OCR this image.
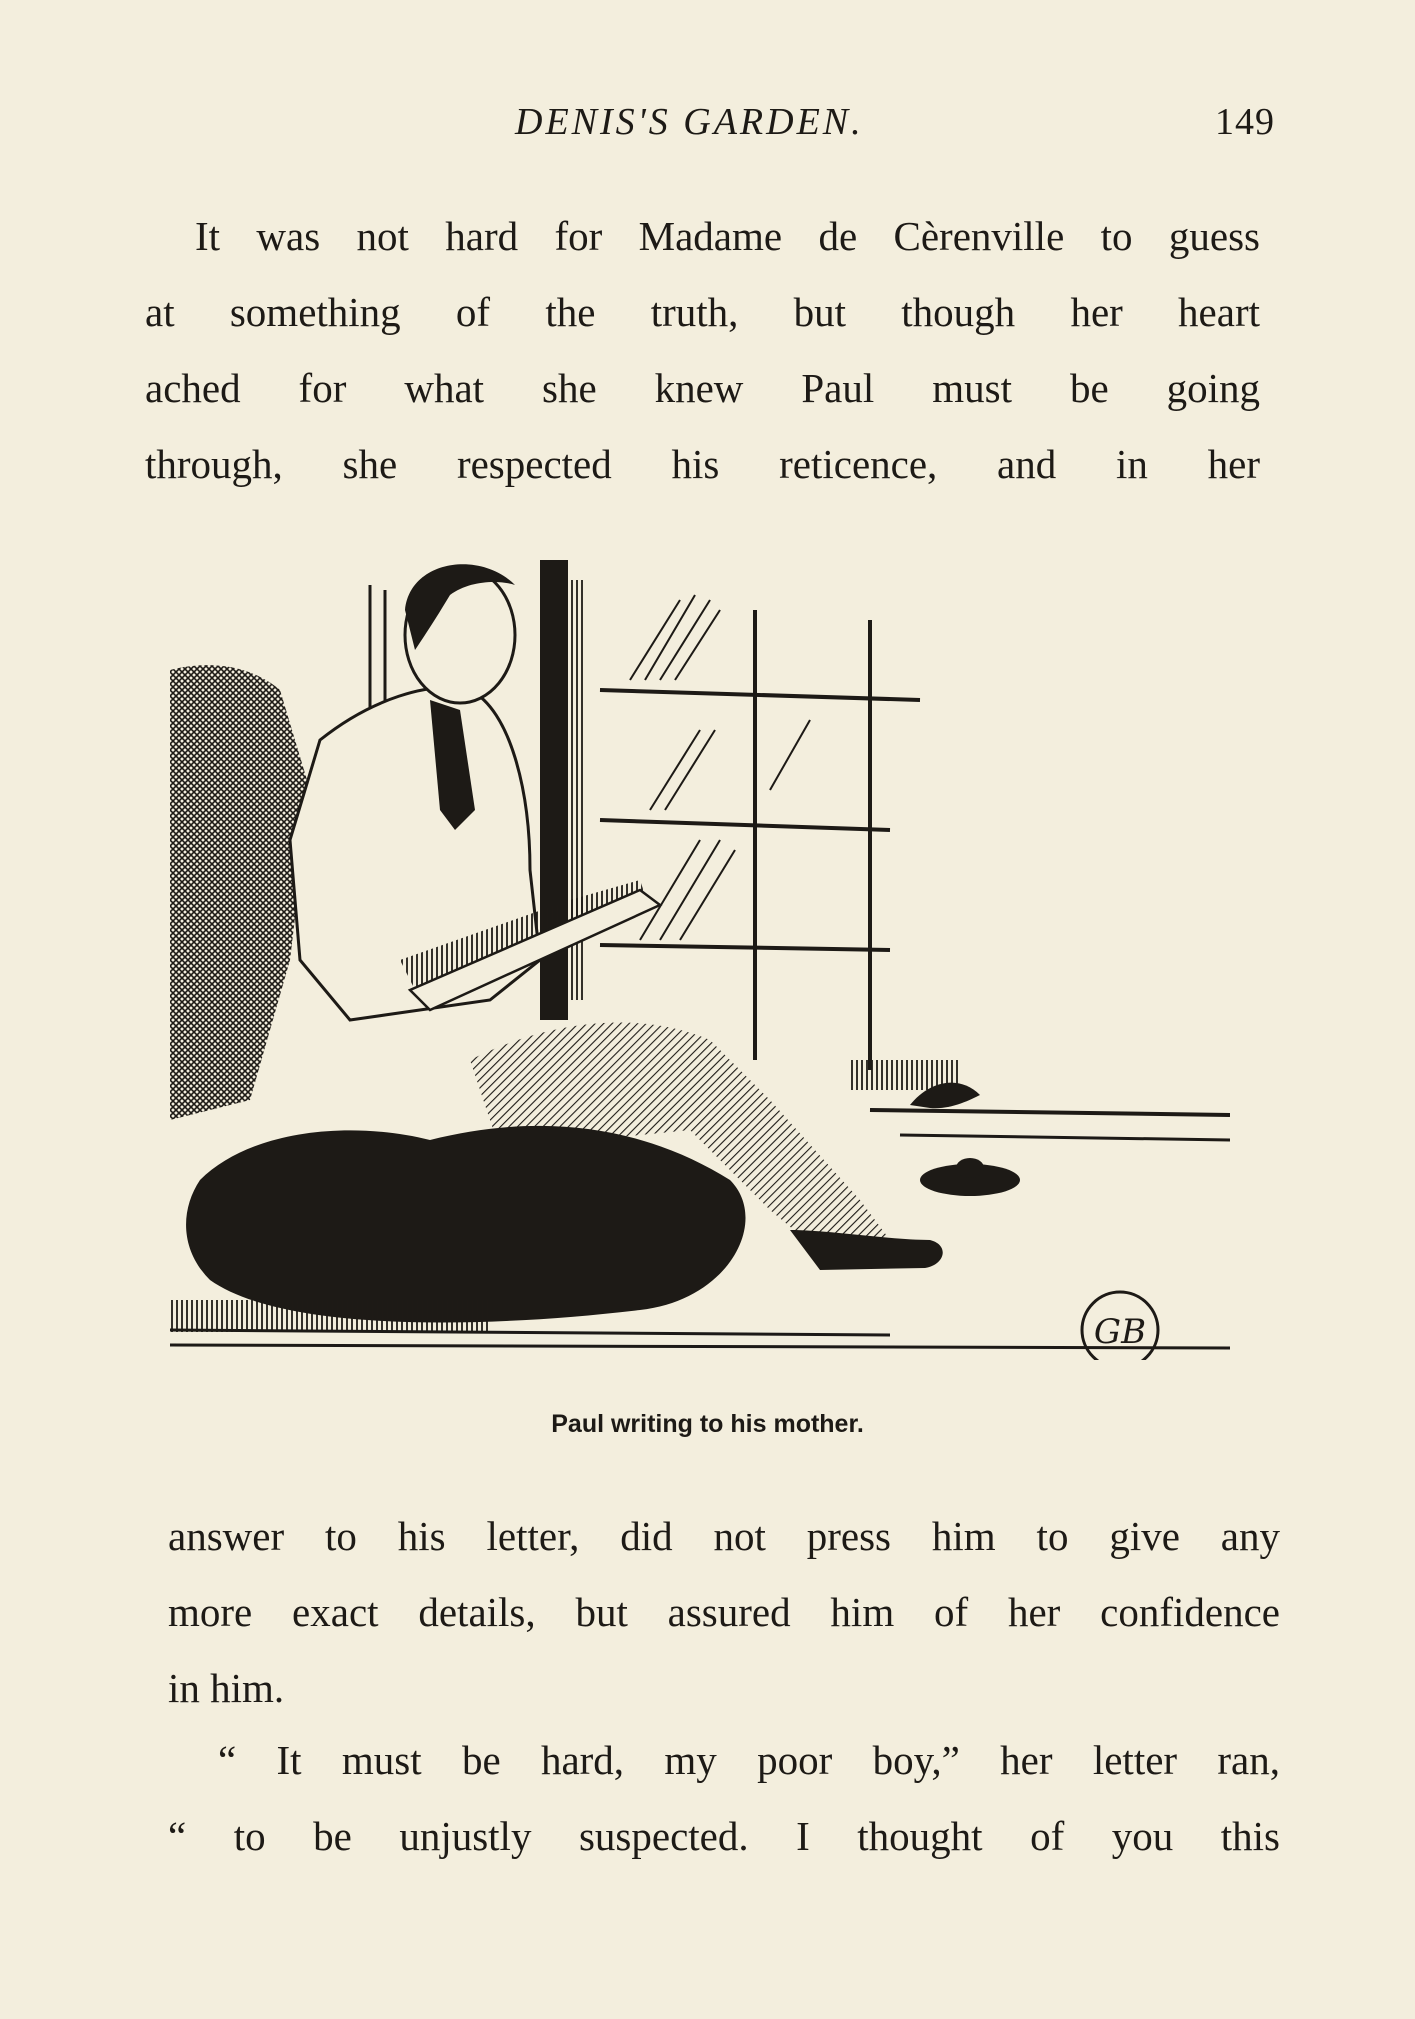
DENIS'S GARDEN.	149
It was not hard for Madame de Cèrenville to guess
at something of the truth, but though her heart
ached for what she knew Paul must be going
through, she respected his reticence, and in her
GB
Paul writing to his mother.
answer to his letter, did not press him to give any
more exact details, but assured him of her confidence
in him.
“ It must be hard, my poor boy,” her letter ran,
“ to be unjustly suspected. I thought of you this
